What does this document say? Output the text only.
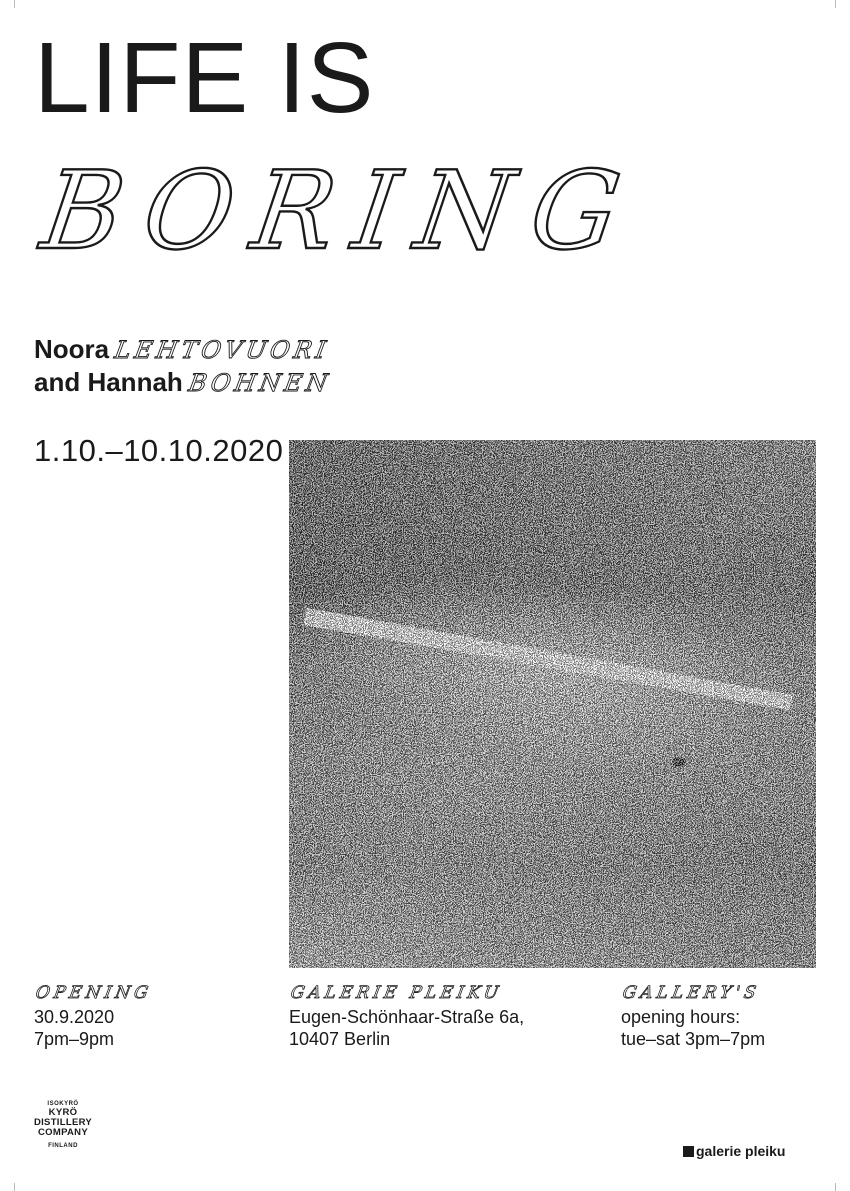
LIFE IS
BORING
Noora LEHTOVUORI
and Hannah BOHNEN
1.10.–10.10.2020
OPENING
30.9.2020
7pm–9pm
GALERIE PLEIKU
Eugen-Schönhaar-Straße 6a,
10407 Berlin
GALLERY'S
opening hours:
tue–sat 3pm–7pm
ISOKYRÖ
KYRÖ
DISTILLERY
COMPANY
FINLAND	galerie pleiku
